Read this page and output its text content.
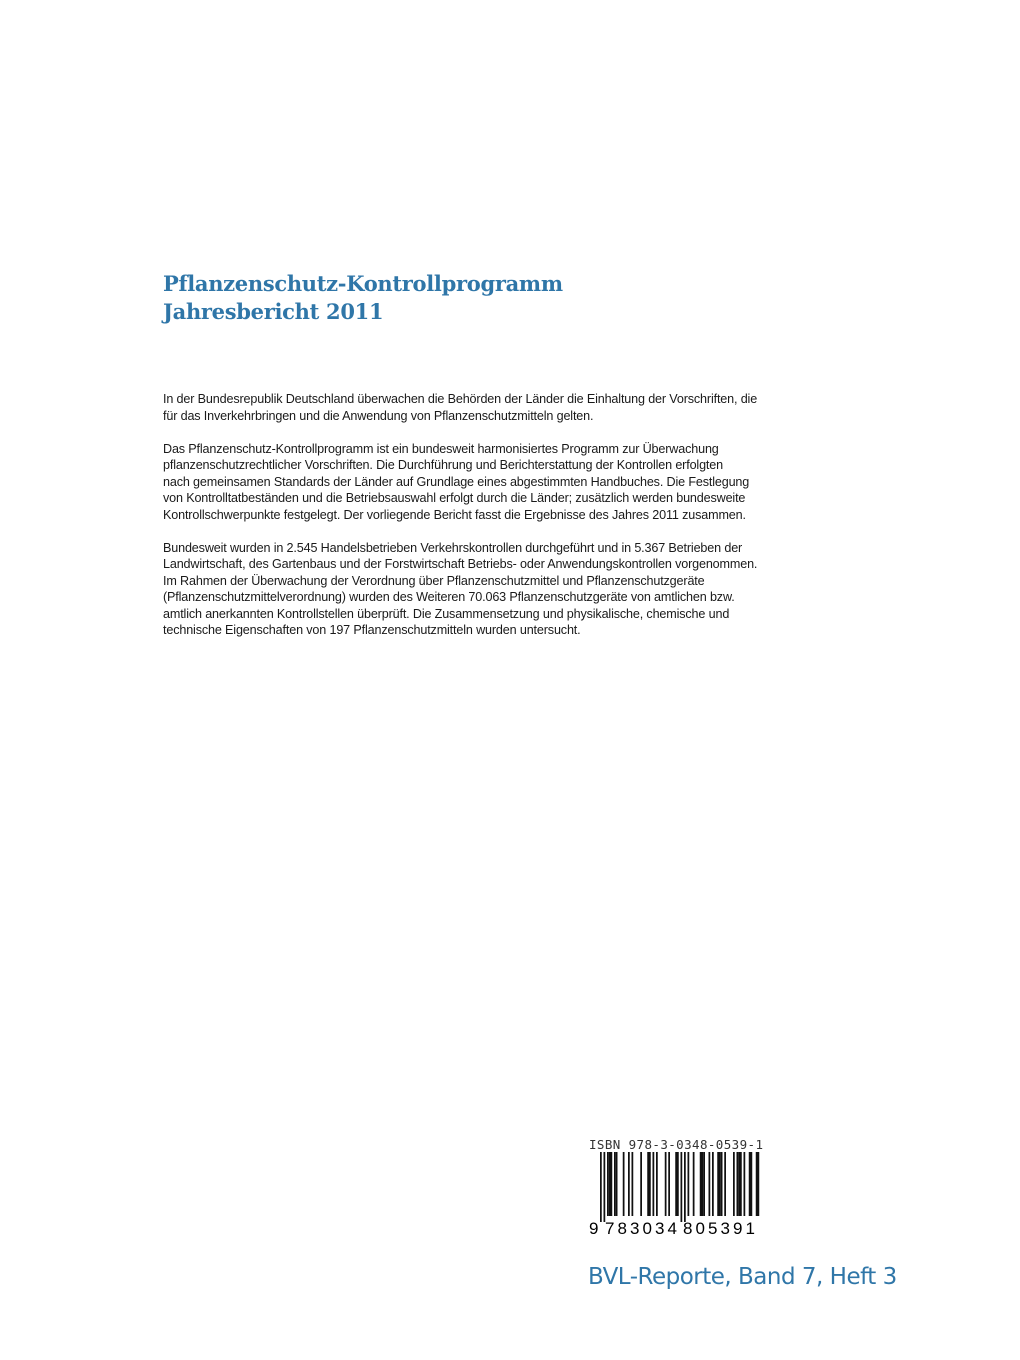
Pflanzenschutz-Kontrollprogramm
Jahresbericht 2011

In der Bundesrepublik Deutschland überwachen die Behörden der Länder die Einhaltung der Vorschriften, die
für das Inverkehrbringen und die Anwendung von Pflanzenschutzmitteln gelten.

Das Pflanzenschutz-Kontrollprogramm ist ein bundesweit harmonisiertes Programm zur Überwachung
pflanzenschutzrechtlicher Vorschriften. Die Durchführung und Berichterstattung der Kontrollen erfolgten
nach gemeinsamen Standards der Länder auf Grundlage eines abgestimmten Handbuches. Die Festlegung
von Kontrolltatbeständen und die Betriebsauswahl erfolgt durch die Länder; zusätzlich werden bundesweite
Kontrollschwerpunkte festgelegt. Der vorliegende Bericht fasst die Ergebnisse des Jahres 2011 zusammen.

Bundesweit wurden in 2.545 Handelsbetrieben Verkehrskontrollen durchgeführt und in 5.367 Betrieben der
Landwirtschaft, des Gartenbaus und der Forstwirtschaft Betriebs- oder Anwendungskontrollen vorgenommen.
Im Rahmen der Überwachung der Verordnung über Pflanzenschutzmittel und Pflanzenschutzgeräte
(Pflanzenschutzmittelverordnung) wurden des Weiteren 70.063 Pflanzenschutzgeräte von amtlichen bzw.
amtlich anerkannten Kontrollstellen überprüft. Die Zusammensetzung und physikalische, chemische und
technische Eigenschaften von 197 Pflanzenschutzmitteln wurden untersucht.

ISBN 978-3-0348-0539-1
9 783034 805391
BVL-Reporte, Band 7, Heft 3
